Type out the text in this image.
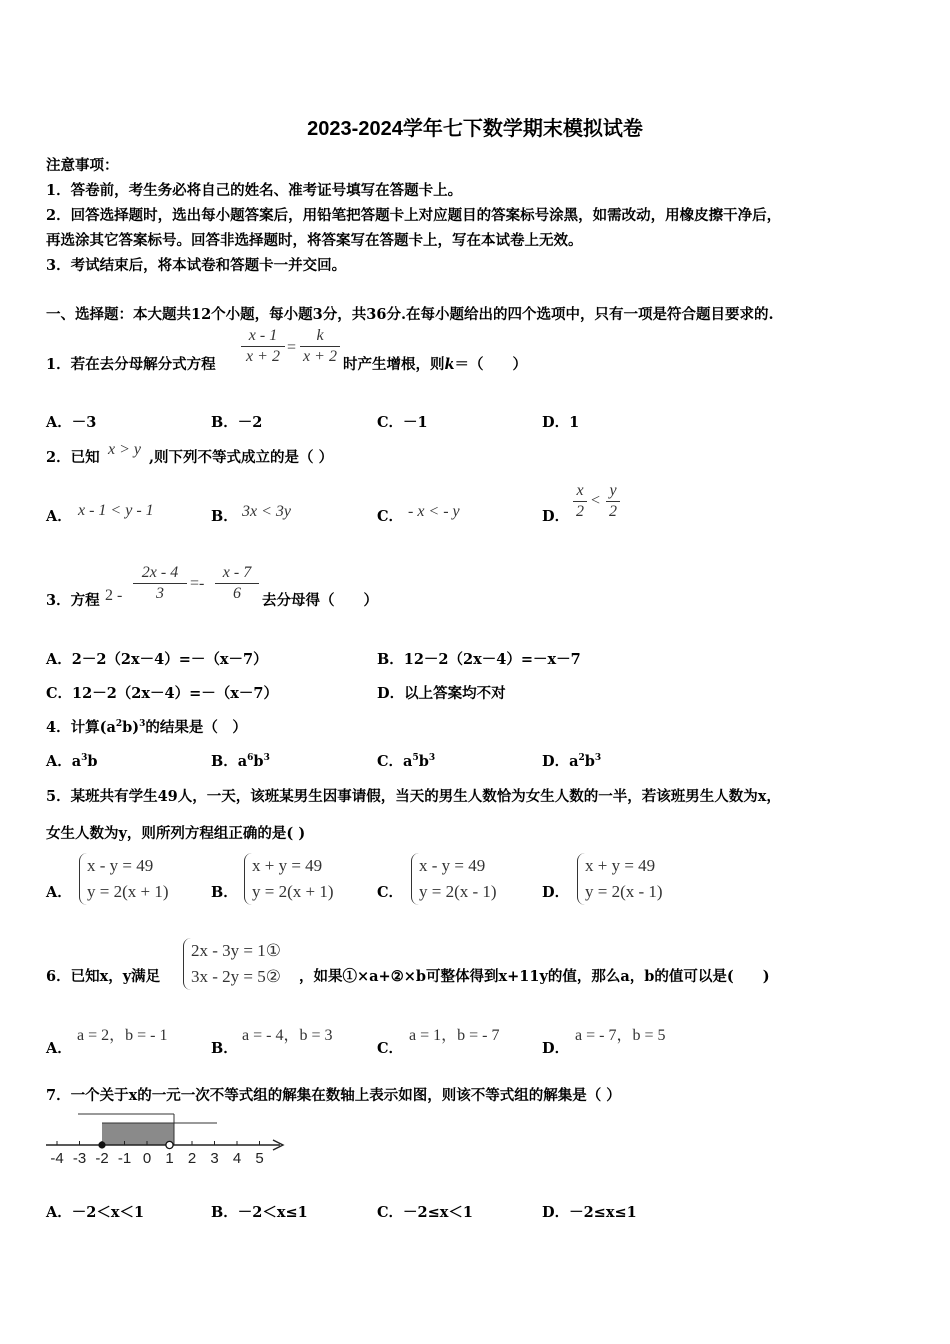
2023-2024学年七下数学期末模拟试卷
注意事项：
1．答卷前，考生务必将自己的姓名、准考证号填写在答题卡上。
2．回答选择题时，选出每小题答案后，用铅笔把答题卡上对应题目的答案标号涂黑，如需改动，用橡皮擦干净后，
再选涂其它答案标号。回答非选择题时，将答案写在答题卡上，写在本试卷上无效。
3．考试结束后，将本试卷和答题卡一并交回。
一、选择题：本大题共12个小题，每小题3分，共36分.在每小题给出的四个选项中，只有一项是符合题目要求的.
1．若在去分母解分式方程
x - 1
x + 2
=
k
x + 2 时产生增根，则k＝（　　）
A．－3	B．－2	C．－1	D．1
2．已知 x > y ,则下列不等式成立的是（ ）
A． x - 1 < y - 1	B． 3x < 3y	C． - x < - y	D．
x
2
<
y
2
3．方程 2 -
2x - 4
3
=-
x - 7
6	去分母得（　　）
A．2－2（2x－4）=－（x－7）	B．12－2（2x－4）=－x－7
C．12－2（2x－4）=－（x－7）	D．以上答案均不对
4．计算$(a^2b)^3$的结果是（　）
A．$a^3b$	B．$a^6b^3$	C．$a^5b^3$	D．$a^2b^3$
5．某班共有学生49人，一天，该班某男生因事请假，当天的男生人数恰为女生人数的一半，若该班男生人数为x，
女生人数为y，则所列方程组正确的是( )
A．
x - y = 49
y = 2(x + 1)	B．
x + y = 49
y = 2(x + 1)	C．
x - y = 49
y = 2(x - 1)	D．
x + y = 49
y = 2(x - 1)
6．已知x，y满足
2x - 3y = 1①
3x - 2y = 5② ，如果①×a+②×b可整体得到x+11y的值，那么a，b的值可以是(　　)
A．
a = 2，b = - 1
B．
a = - 4，b = 3
C．
a = 1，b = - 7
D．
a = - 7，b = 5
7．一个关于x的一元一次不等式组的解集在数轴上表示如图，则该不等式组的解集是（ ）
-4 -3 -2 -1 0 1 2 3 4 5
A．－2＜x＜1	B．－2＜x≤1	C．－2≤x＜1	D．－2≤x≤1
